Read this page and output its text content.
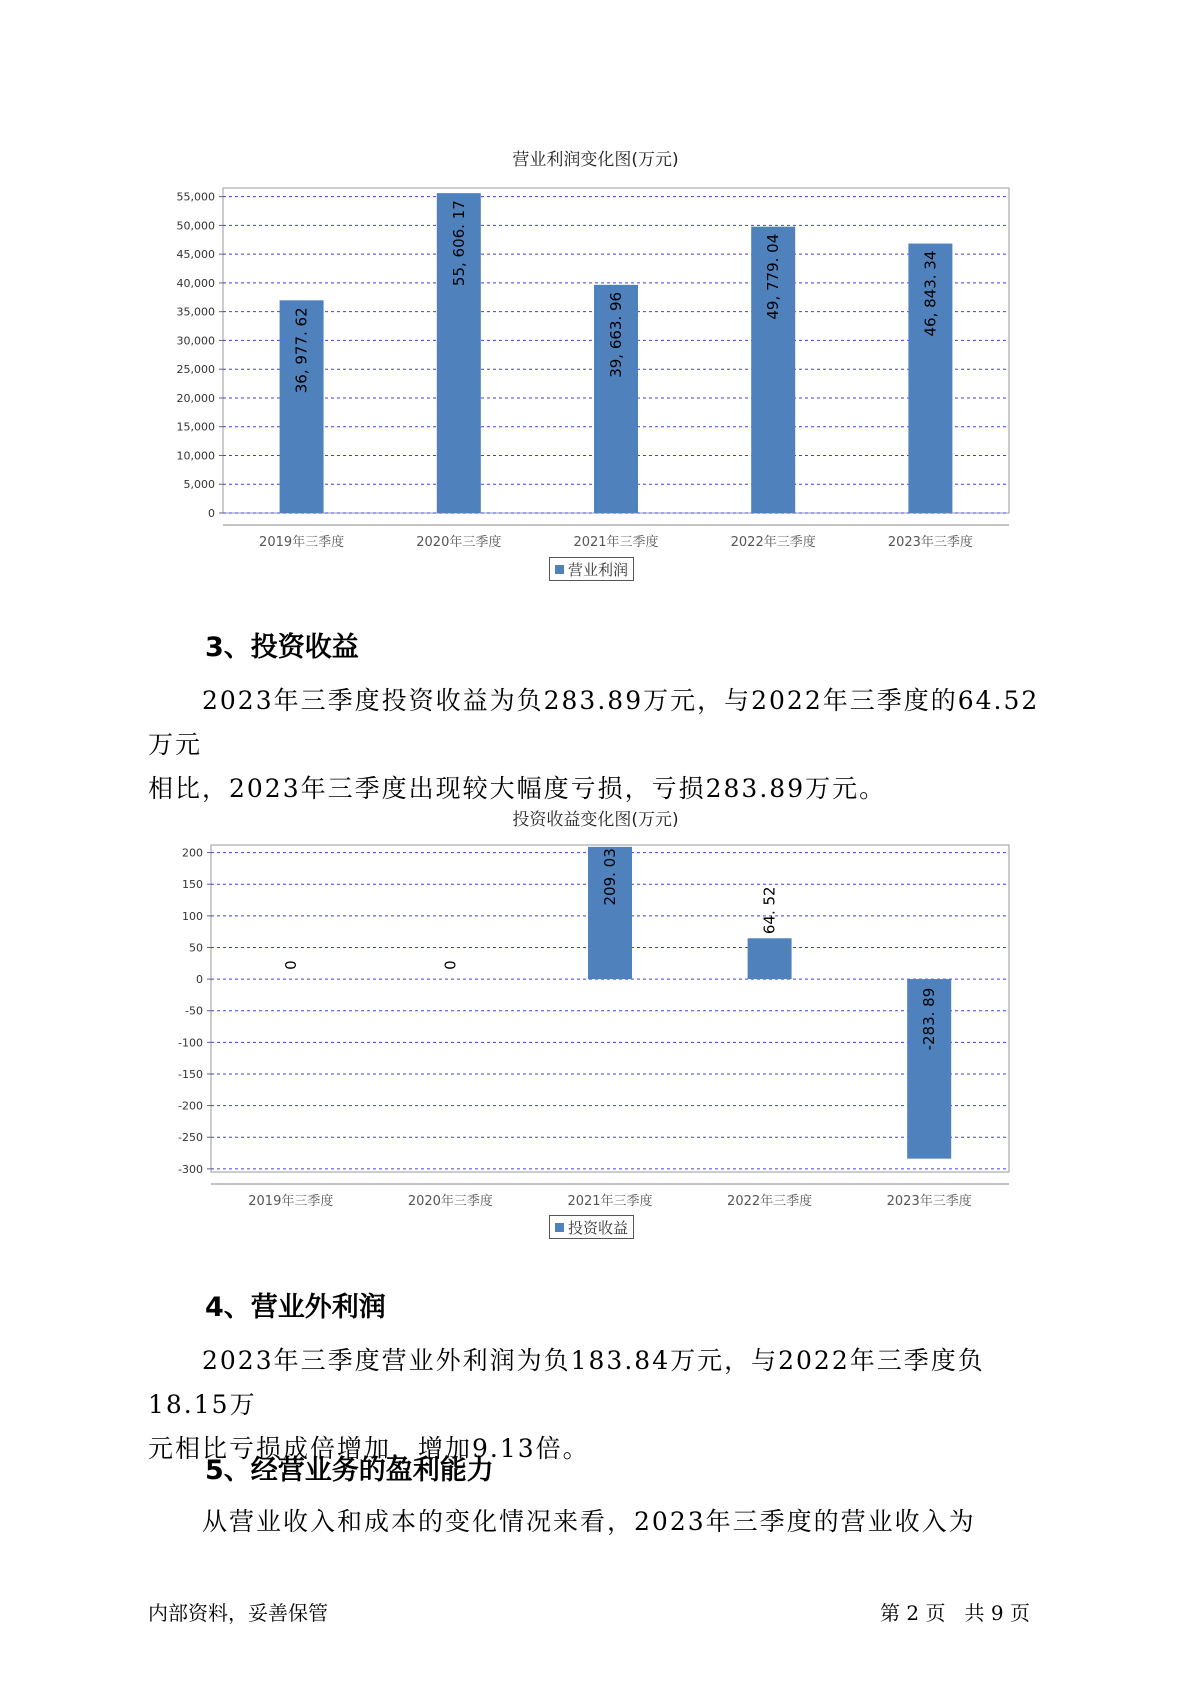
营业利润变化图(万元)
0
5,000
10,000
15,000
20,000
25,000
30,000
35,000
40,000
45,000
50,000
55,000
2019年三季度
36, 977. 62
2020年三季度
55, 606. 17
2021年三季度
39, 663. 96
2022年三季度
49, 779. 04
2023年三季度
46, 843. 34
营业利润
3、投资收益
2023年三季度投资收益为负283.89万元，与2022年三季度的64.52万元
相比，2023年三季度出现较大幅度亏损，亏损283.89万元。
投资收益变化图(万元)
200
150
100
50
0
-50
-100
-150
-200
-250
-300
2019年三季度
0
2020年三季度
0
2021年三季度
209. 03
2022年三季度
64. 52
2023年三季度
-283. 89
投资收益
4、营业外利润
2023年三季度营业外利润为负183.84万元，与2022年三季度负18.15万
元相比亏损成倍增加，增加9.13倍。
5、经营业务的盈利能力
从营业收入和成本的变化情况来看，2023年三季度的营业收入为
内部资料，妥善保管	第 2 页   共 9 页
